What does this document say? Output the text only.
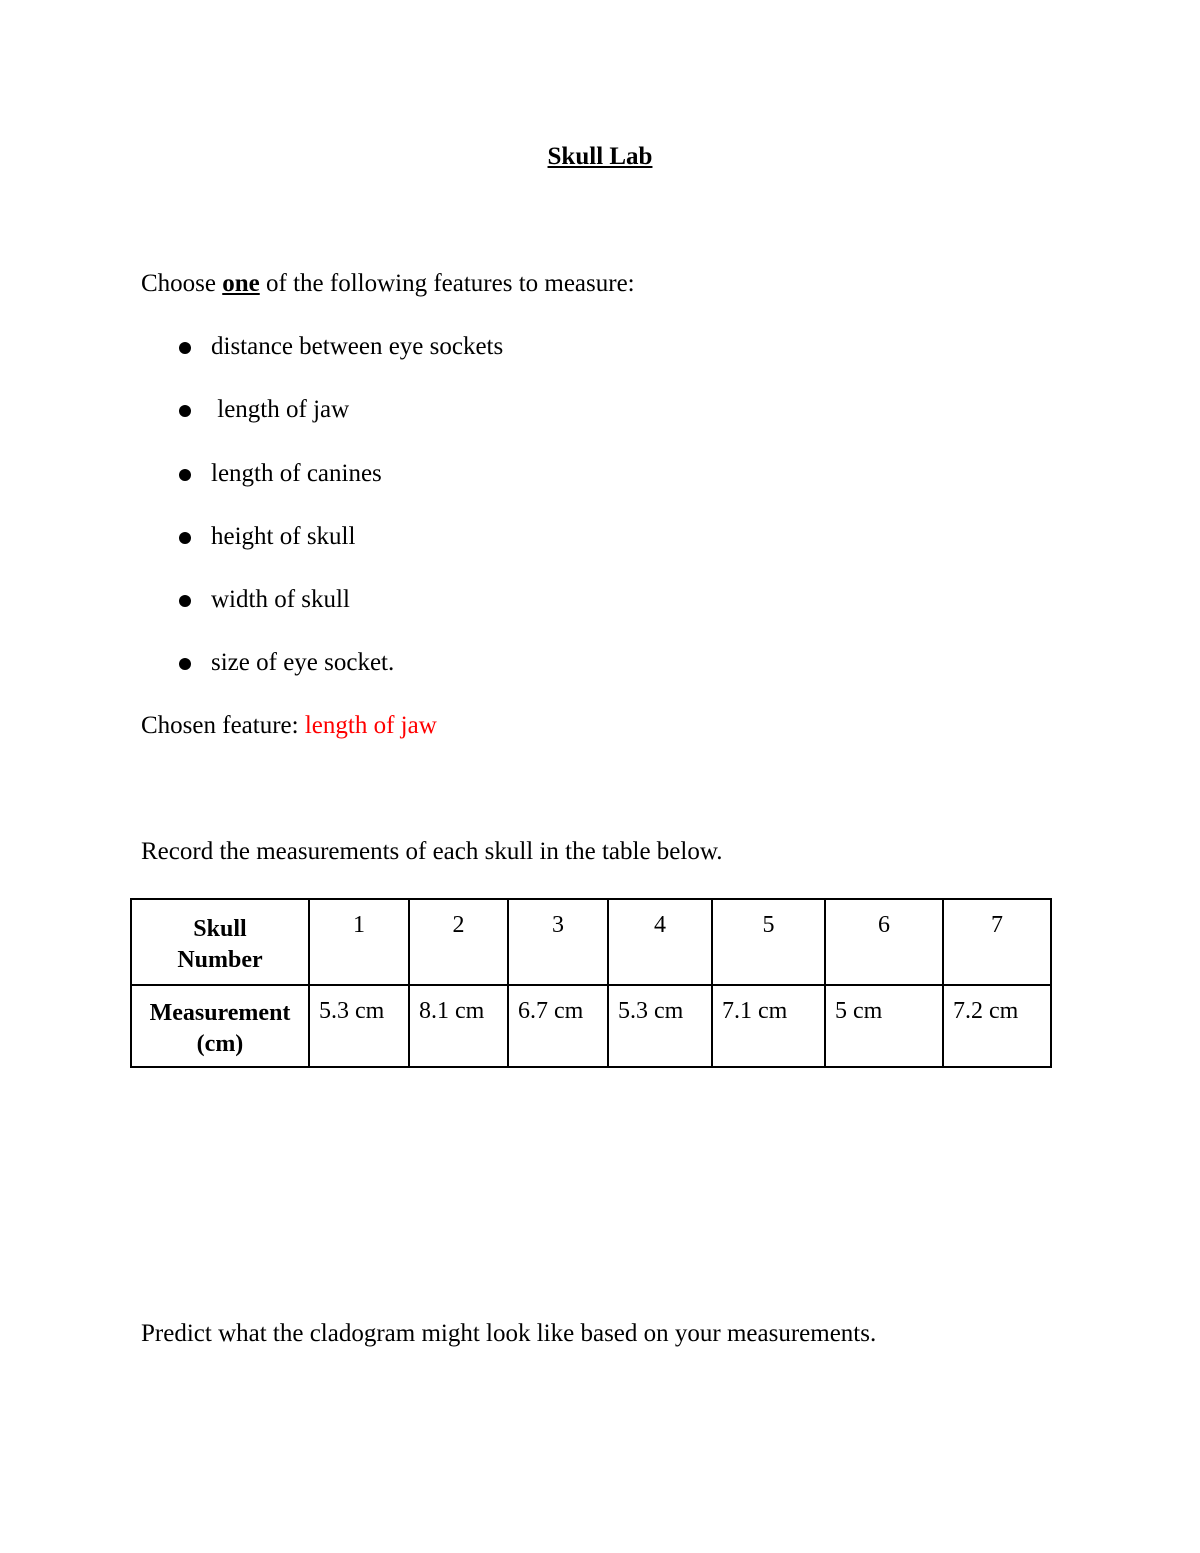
Skull Lab
Choose one of the following features to measure:
distance between eye sockets
length of jaw
length of canines
height of skull
width of skull
size of eye socket.
Chosen feature: length of jaw
Record the measurements of each skull in the table below.
Skull
Number	1	2	3	4	5	6	7

Measurement
(cm)	5.3 cm	8.1 cm	6.7 cm	5.3 cm	7.1 cm	5 cm	7.2 cm
Predict what the cladogram might look like based on your measurements.
